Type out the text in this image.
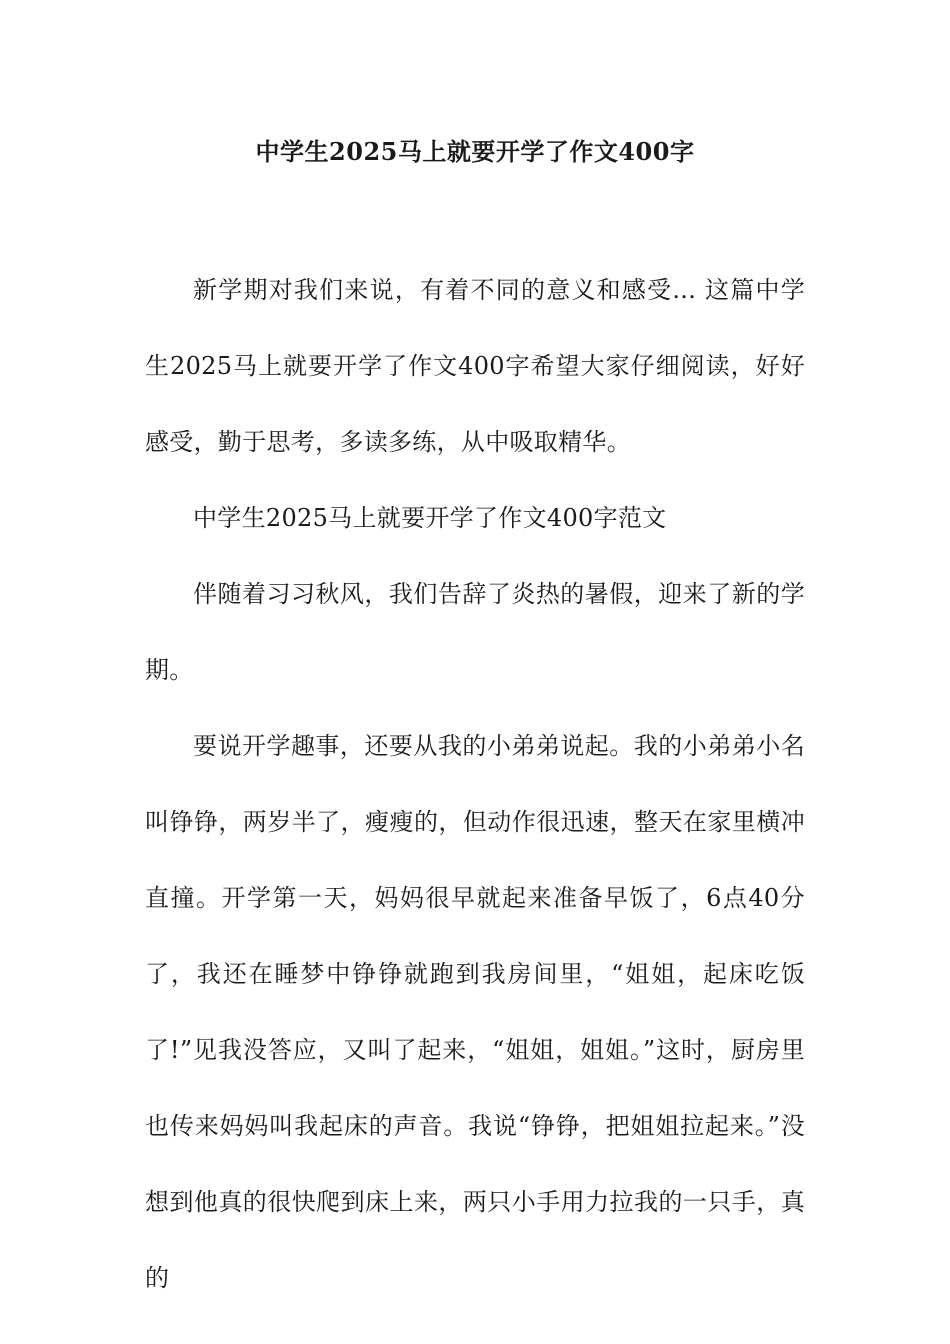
中学生2025马上就要开学了作文400字

新学期对我们来说，有着不同的意义和感受... 这篇中学生2025马上就要开学了作文400字希望大家仔细阅读，好好感受，勤于思考，多读多练，从中吸取精华。

中学生2025马上就要开学了作文400字范文

伴随着习习秋风，我们告辞了炎热的暑假，迎来了新的学期。

要说开学趣事，还要从我的小弟弟说起。我的小弟弟小名叫铮铮，两岁半了，瘦瘦的，但动作很迅速，整天在家里横冲直撞。开学第一天，妈妈很早就起来准备早饭了，6点40分了，我还在睡梦中铮铮就跑到我房间里，“姐姐，起床吃饭了!”见我没答应，又叫了起来，“姐姐，姐姐。”这时，厨房里也传来妈妈叫我起床的声音。我说“铮铮，把姐姐拉起来。”没想到他真的很快爬到床上来，两只小手用力拉我的一只手，真的
